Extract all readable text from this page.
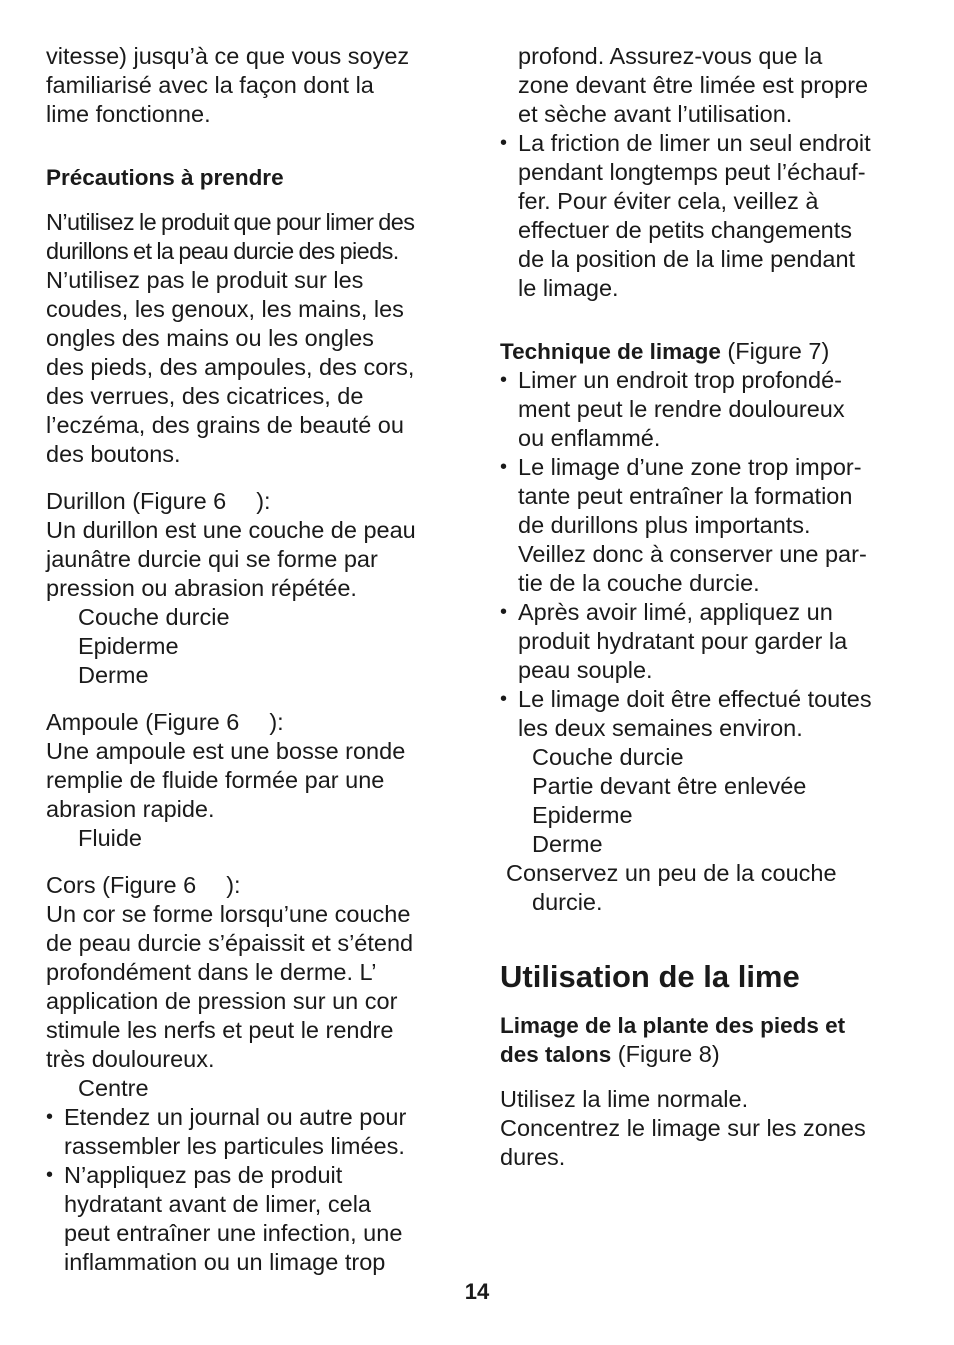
vitesse) jusqu’à ce que vous soyez

familiarisé avec la façon dont la

lime fonctionne.

Précautions à prendre

N’utilisez le produit que pour limer des

durillons et la peau durcie des pieds.

N’utilisez pas le produit sur les

coudes, les genoux, les mains, les

ongles des mains ou les ongles

des pieds, des ampoules, des cors,

des verrues, des cicatrices, de

l’eczéma, des grains de beauté ou

des boutons.

Durillon (Figure 6 ):

Un durillon est une couche de peau

jaunâtre durcie qui se forme par

pression ou abrasion répétée.

Couche durcie

Epiderme

Derme

Ampoule (Figure 6 ):

Une ampoule est une bosse ronde

remplie de fluide formée par une

abrasion rapide.

Fluide

Cors (Figure 6 ):

Un cor se forme lorsqu’une couche

de peau durcie s’épaissit et s’étend

profondément dans le derme. L’

application de pression sur un cor

stimule les nerfs et peut le rendre

très douloureux.

Centre

• Etendez un journal ou autre pour
rassembler les particules limées.
• N’appliquez pas de produit
hydratant avant de limer, cela
peut entraîner une infection, une
inflammation ou un limage trop

profond. Assurez-vous que la

zone devant être limée est propre

et sèche avant l’utilisation.

• La friction de limer un seul endroit
pendant longtemps peut l’échauf-
fer. Pour éviter cela, veillez à
effectuer de petits changements
de la position de la lime pendant
le limage.

Technique de limage (Figure 7)

• Limer un endroit trop profondé-
ment peut le rendre douloureux
ou enflammé.
• Le limage d’une zone trop impor-
tante peut entraîner la formation
de durillons plus importants.
Veillez donc à conserver une par-
tie de la couche durcie.
• Après avoir limé, appliquez un
produit hydratant pour garder la
peau souple.
• Le limage doit être effectué toutes
les deux semaines environ.

Couche durcie

Partie devant être enlevée

Epiderme

Derme

Conservez un peu de la couche

durcie.

Utilisation de la lime

Limage de la plante des pieds et

des talons (Figure 8)

Utilisez la lime normale.

Concentrez le limage sur les zones

dures.

14
